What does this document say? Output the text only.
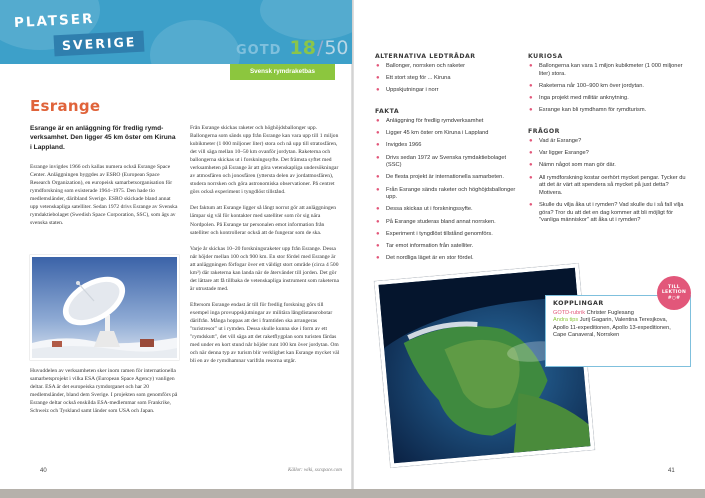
PLATSER
SVERIGE	GOTD 18/50
Svensk rymdraketbas
Esrange
Esrange är en anläggning för fredlig rymdverksamhet. Den ligger 45 km öster om Kiruna i Lappland.

Esrange invigdes 1966 och kallas numera också Esrange Space Center. Anläggningen byggdes av ESRO (European Space Research Organization), en europeisk samarbetsorganisation för rymdforskning som existerade 1964–1975. Den hade tio medlemsländer, däribland Sverige. ESRO skickade bland annat upp vetenskapliga satelliter. Sedan 1972 drivs Esrange av Svenska rymdaktiebolaget (Swedish Space Corporation, SSC), som ägs av svenska staten.

Huvuddelen av verksamheten sker inom ramen för internationella samarbetsprojekt i vilka ESA (European Space Agency) vanligen deltar. ESA är det europeiska rymdorganet och har 20 medlemsländer, bland dem Sverige. I projekten som genomförs på Esrange deltar också enskilda ESA-medlemmar som Frankrike, Schweiz och Tyskland samt länder som USA och Japan.

Från Esrange skickas raketer och höghöjdsballonger upp. Ballongerna som sänds upp från Esrange kan vara upp till 1 miljon kubikmeter (1 000 miljoner liter) stora och nå upp till stratosfären, det vill säga mellan 10–50 km ovanför jordytan. Raketerna och ballongerna skickas ut i forskningssyfte. Det främsta syftet med verksamheten på Esrange är att göra vetenskapliga undersökningar av atmosfären och jonosfären (yttersta delen av jordatmosfären), studera norrsken och göra astronomiska observationer. På centret görs också experiment i tyngdlöst tillstånd.

Det faktum att Esrange ligger så långt norrut gör att anläggningen lämpar sig väl för kontakter med satelliter som rör sig nära Nordpolen. På Esrange tar personalen emot information från satelliter och kontrollerar också att de fungerar som de ska.

Varje år skickas 10–20 forskningsraketer upp från Esrange. Dessa når höjder mellan 100 och 900 km. En stor fördel med Esrange är att anläggningen förfogar över ett väldigt stort område (circa 4 500 km²) där raketerna kan landa när de återvänder till jorden. Det gör det lättare att få tillbaka de vetenskapliga instrument som raketerna är utrustade med.

Eftersom Esrange endast är till för fredlig forskning görs till exempel inga provuppskjutningar av militära långdistansrobotar därifrån. Många hoppas att det i framtiden ska arrangeras "turistresor" ut i rymden. Dessa skulle kunna ske i form av ett "rymdskutt", det vill säga att det raketflygplan som turisten färdas med under en kort stund når höjder runt 100 km över jordytan. Om och när denna typ av turism blir verklighet kan Esrange mycket väl bli en av de rymdhamnar varifrån resorna utgår.

40	Källor: wiki, sscspace.com
ALTERNATIVA LEDTRÅDAR
● Ballonger, norrsken och raketer
● Ett stort steg för ... Kiruna
● Uppskjutningar i norr
FAKTA
● Anläggning för fredlig rymdverksamhet
● Ligger 45 km öster om Kiruna i Lappland
● Invigdes 1966
● Drivs sedan 1972 av Svenska rymdaktiebolaget (SSC)
● De flesta projekt är internationella samarbeten.
● Från Esrange sänds raketer och höghöjdsballonger upp.
● Dessa skickas ut i forskningssyfte.
● På Esrange studeras bland annat norrsken.
● Experiment i tyngdlöst tillstånd genomförs.
● Tar emot information från satelliter.
● Det nordliga läget är en stor fördel.
KURIOSA
● Ballongerna kan vara 1 miljon kubikmeter (1 000 miljoner liter) stora.
● Raketerna når 100–900 km över jordytan.
● Inga projekt med militär anknytning.
● Esrange kan bli rymdhamn för rymdturism.
FRÅGOR
● Vad är Esrange?
● Var ligger Esrange?
● Nämn något som man gör där.
● All rymdforskning kostar oerhört mycket pengar. Tycker du att det är värt att spendera så mycket på just detta? Motivera.
● Skulle du vilja åka ut i rymden? Vad skulle du i så fall vilja göra? Tror du att det en dag kommer att bli möjligt för "vanliga människor" att åka ut i rymden?
KOPPLINGAR
GOTD-rubrik Christer Fuglesang
Andra tips Jurij Gagarin, Valentina Teresjkova, Apollo 11-expeditionen, Apollo 13-expeditionen, Cape Canaveral, Norrsken
TILL LEKTION
#○#
41
